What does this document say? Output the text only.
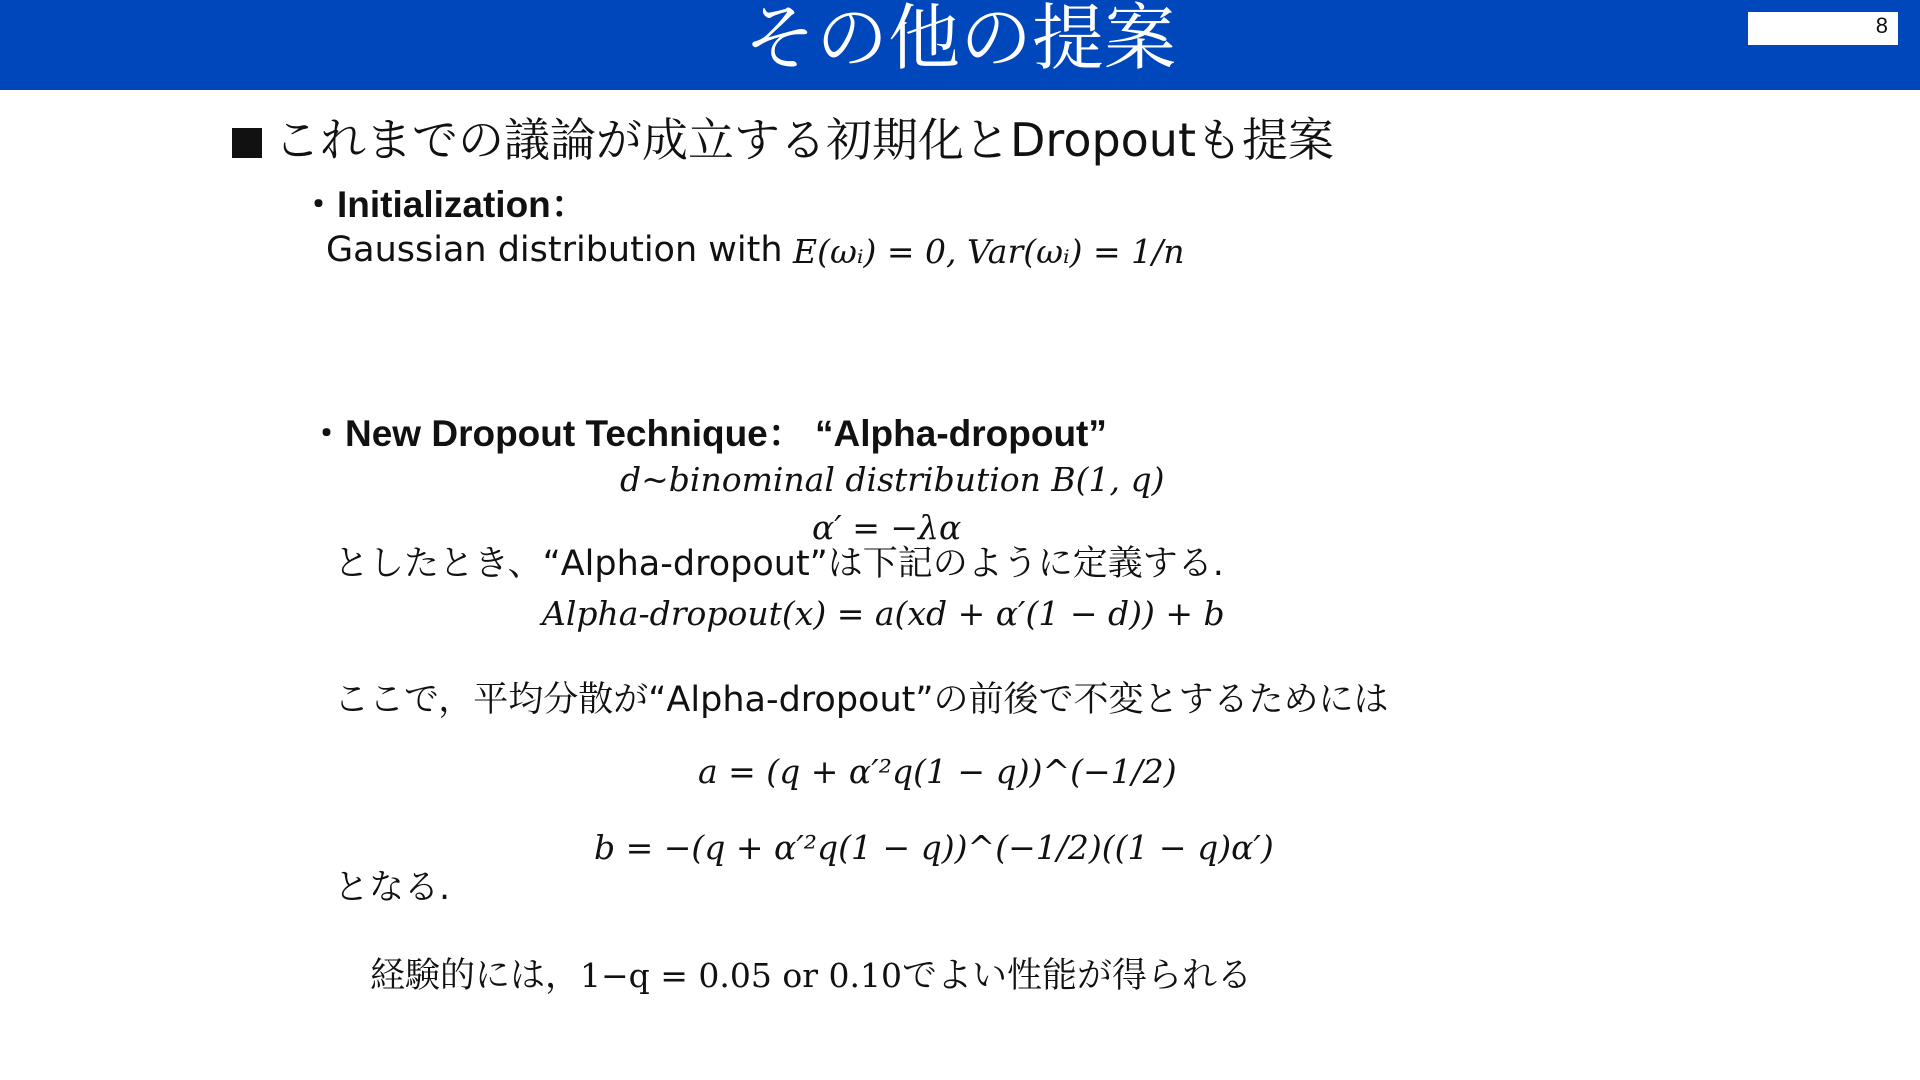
その他の提案	8
これまでの議論が成立する初期化とDropoutも提案
・Initialization：
Gaussian distribution with E(ωᵢ) = 0, Var(ωᵢ) = 1/n
・New Dropout Technique： “Alpha-dropout”
d~binominal distribution B(1, q)
α′ = −λα
としたとき、“Alpha-dropout”は下記のように定義する.
Alpha-dropout(x) = a(xd + α′(1 − d)) + b
ここで，平均分散が“Alpha-dropout”の前後で不変とするためには
a = (q + α′²q(1 − q))^(−1/2)
b = −(q + α′²q(1 − q))^(−1/2)((1 − q)α′)
となる.
経験的には，1−q = 0.05 or 0.10でよい性能が得られる
